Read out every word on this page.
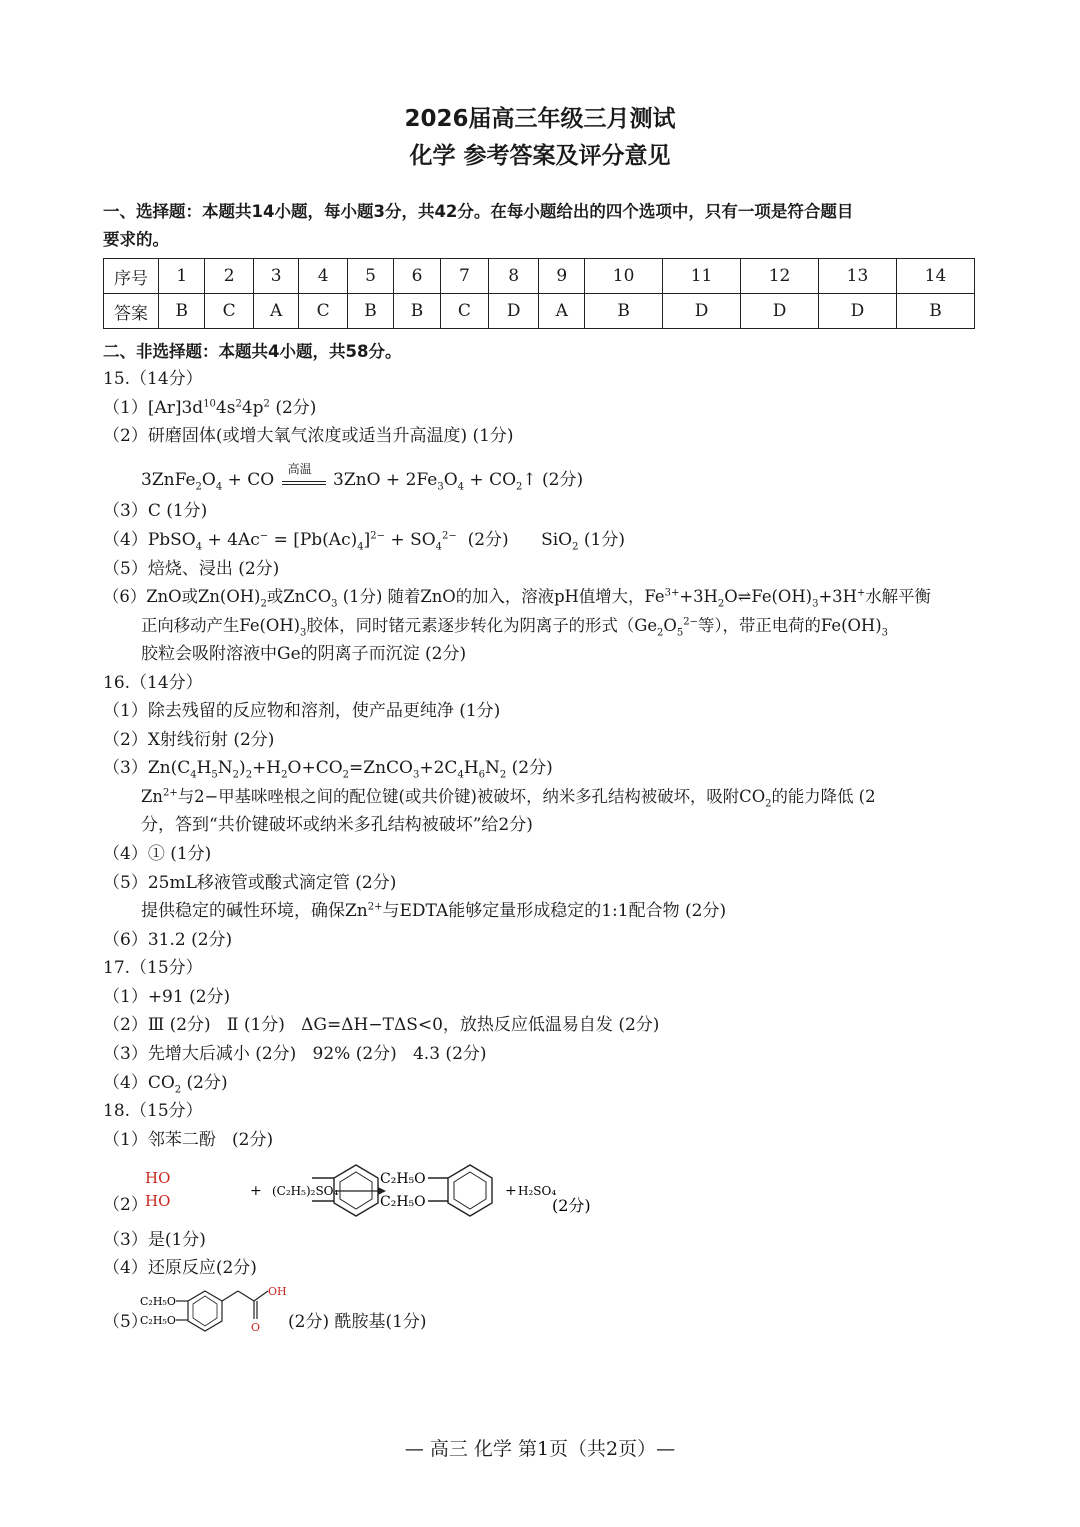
2026届高三年级三月测试
化学 参考答案及评分意见
一、选择题：本题共14小题，每小题3分，共42分。在每小题给出的四个选项中，只有一项是符合题目
要求的。
序号	1	2	3	4	5	6	7	8	9	10	11	12	13	14
答案	B	C	A	C	B	B	C	D	A	B	D	D	D	B
二、非选择题：本题共4小题，共58分。
15.（14分）
$(1)[Ar]3d^{10}4s^24p^2$ (2分)
（2）研磨固体(或增大氧气浓度或适当升高温度) (1分)
$3ZnFe_2O_4$ + CO
高温
$3ZnO + 2Fe_3O_4$ + $CO_2↑$ (2分)
（3）C (1分)
（4）PbSO$_4$ + $4Ac^- = [Pb(Ac)_4]^{2-} + SO_4^{2-}$  (2分)      SiO$_2$ (1分)
（5）焙烧、浸出 (2分)
（6）ZnO或$Zn(OH)_2$或ZnCO$_3$ (1分) 随着ZnO的加入，溶液pH值增大，$Fe^{3+}+3H_2O\rightleftharpoons Fe(OH)_3+3H^+$水解平衡
正向移动产生$Fe(OH)_3$胶体，同时锗元素逐步转化为阴离子的形式（$Ge_2O_5^{2-}$等），带正电荷的$Fe(OH)_3$
胶粒会吸附溶液中Ge的阴离子而沉淀 (2分)
16.（14分）
（1）除去残留的反应物和溶剂，使产品更纯净 (1分)
（2）X射线衍射 (2分)
$(3)Zn(C_4H_5N_2)_2+H_2O+CO_2=ZnCO_3+2C_4H_6N_2$ (2分)
$Zn^{2+}$与2−甲基咪唑根之间的配位键(或共价键)被破坏，纳米多孔结构被破坏，吸附$CO_2$的能力降低 (2
分，答到“共价键破坏或纳米多孔结构被破坏”给2分)
（4）① (1分)
（5）25mL移液管或酸式滴定管 (2分)
提供稳定的碱性环境，确保$Zn^{2+}$与EDTA能够定量形成稳定的1:1配合物 (2分)
（6）31.2 (2分)
17.（15分）
（1）+91 (2分)
（2）Ⅲ (2分)   Ⅱ (1分)   ΔG=ΔH−TΔS<0，放热反应低温易自发 (2分)
（3）先增大后减小 (2分)   92% (2分)   4.3 (2分)
$(4)CO_2$ (2分)
18.（15分）
（1）邻苯二酚   (2分)
（2）
HO
HO
+ (C₂H₅)₂SO₄
C₂H₅O
C₂H₅O
+ H₂SO₄
(2分)
（3）是(1分)
（4）还原反应(2分)
（5）
C₂H₅O
C₂H₅O
OH
O (2分) 酰胺基(1分)
— 高三 化学 第1页（共2页）—
